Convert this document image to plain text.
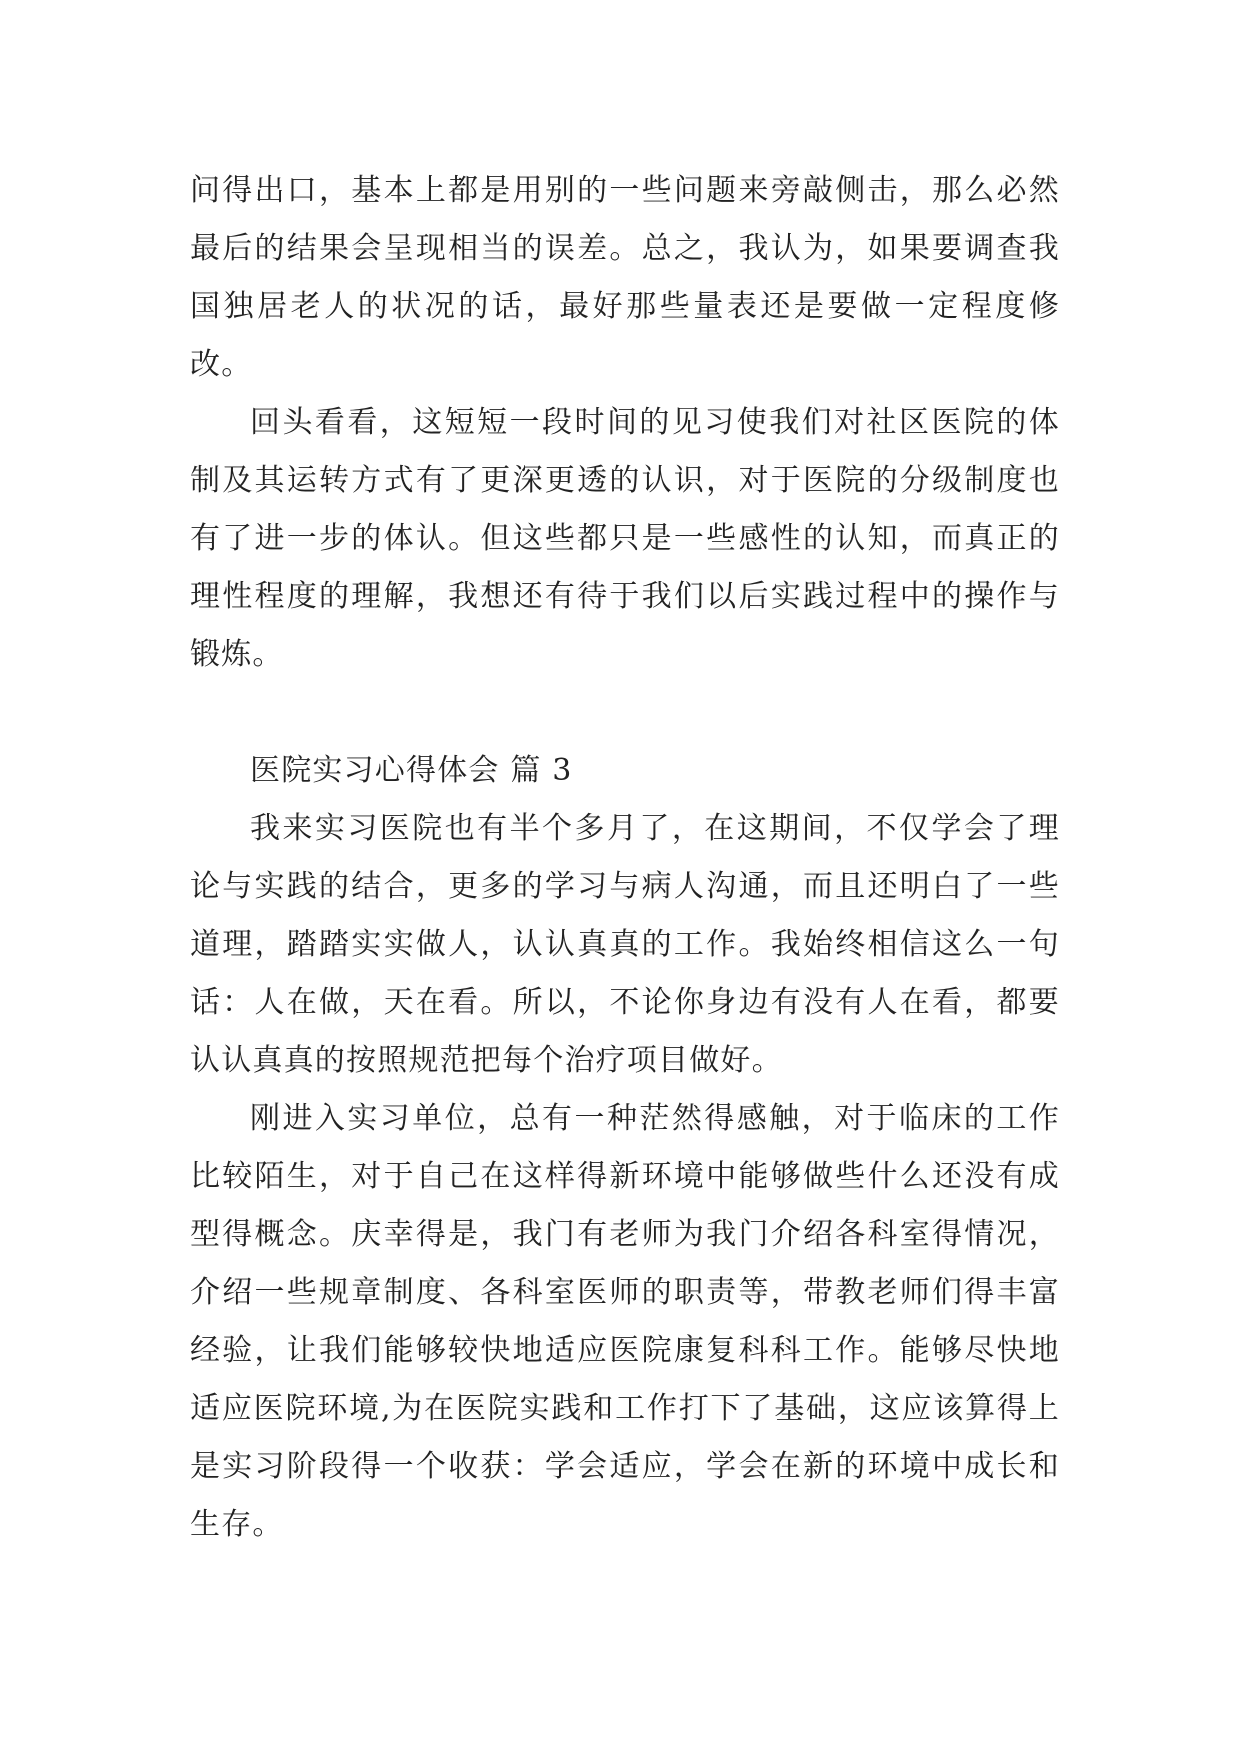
问得出口，基本上都是用别的一些问题来旁敲侧击，那么必然最后的结果会呈现相当的误差。总之，我认为，如果要调查我国独居老人的状况的话，最好那些量表还是要做一定程度修改。

回头看看，这短短一段时间的见习使我们对社区医院的体制及其运转方式有了更深更透的认识，对于医院的分级制度也有了进一步的体认。但这些都只是一些感性的认知，而真正的理性程度的理解，我想还有待于我们以后实践过程中的操作与锻炼。

医院实习心得体会 篇 3

我来实习医院也有半个多月了，在这期间，不仅学会了理论与实践的结合，更多的学习与病人沟通，而且还明白了一些道理，踏踏实实做人，认认真真的工作。我始终相信这么一句话：人在做，天在看。所以，不论你身边有没有人在看，都要认认真真的按照规范把每个治疗项目做好。

刚进入实习单位，总有一种茫然得感触，对于临床的工作比较陌生，对于自己在这样得新环境中能够做些什么还没有成型得概念。庆幸得是，我门有老师为我门介绍各科室得情况，介绍一些规章制度、各科室医师的职责等，带教老师们得丰富经验，让我们能够较快地适应医院康复科科工作。能够尽快地适应医院环境,为在医院实践和工作打下了基础，这应该算得上是实习阶段得一个收获：学会适应，学会在新的环境中成长和生存。
